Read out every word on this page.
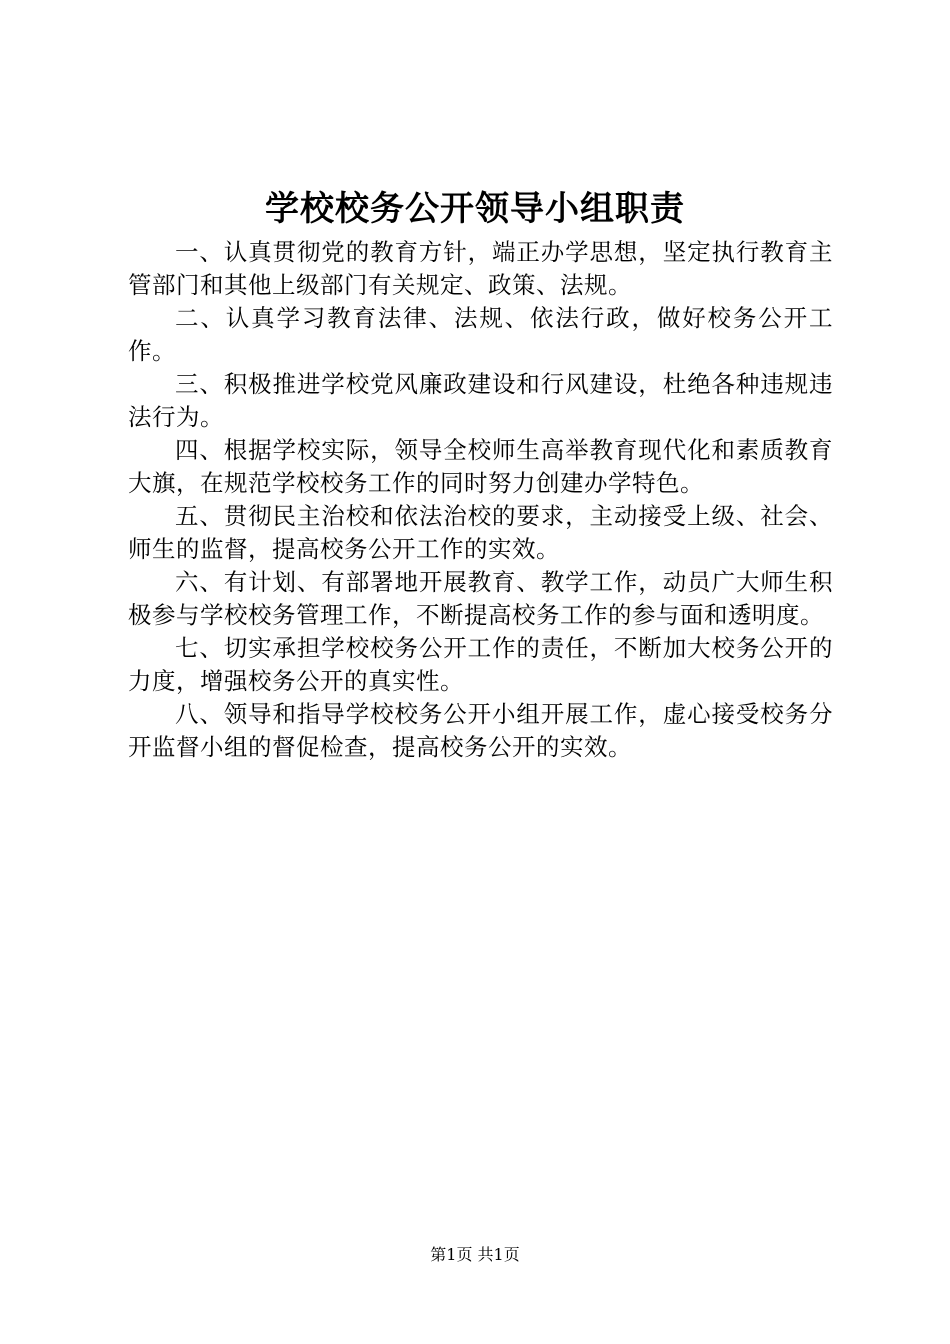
学校校务公开领导小组职责

一、认真贯彻党的教育方针，端正办学思想，坚定执行教育主管部门和其他上级部门有关规定、政策、法规。

二、认真学习教育法律、法规、依法行政，做好校务公开工作。

三、积极推进学校党风廉政建设和行风建设，杜绝各种违规违法行为。

四、根据学校实际，领导全校师生高举教育现代化和素质教育大旗，在规范学校校务工作的同时努力创建办学特色。

五、贯彻民主治校和依法治校的要求，主动接受上级、社会、师生的监督，提高校务公开工作的实效。

六、有计划、有部署地开展教育、教学工作，动员广大师生积极参与学校校务管理工作，不断提高校务工作的参与面和透明度。

七、切实承担学校校务公开工作的责任，不断加大校务公开的力度，增强校务公开的真实性。

八、领导和指导学校校务公开小组开展工作，虚心接受校务分开监督小组的督促检查，提高校务公开的实效。

第1页 共1页
